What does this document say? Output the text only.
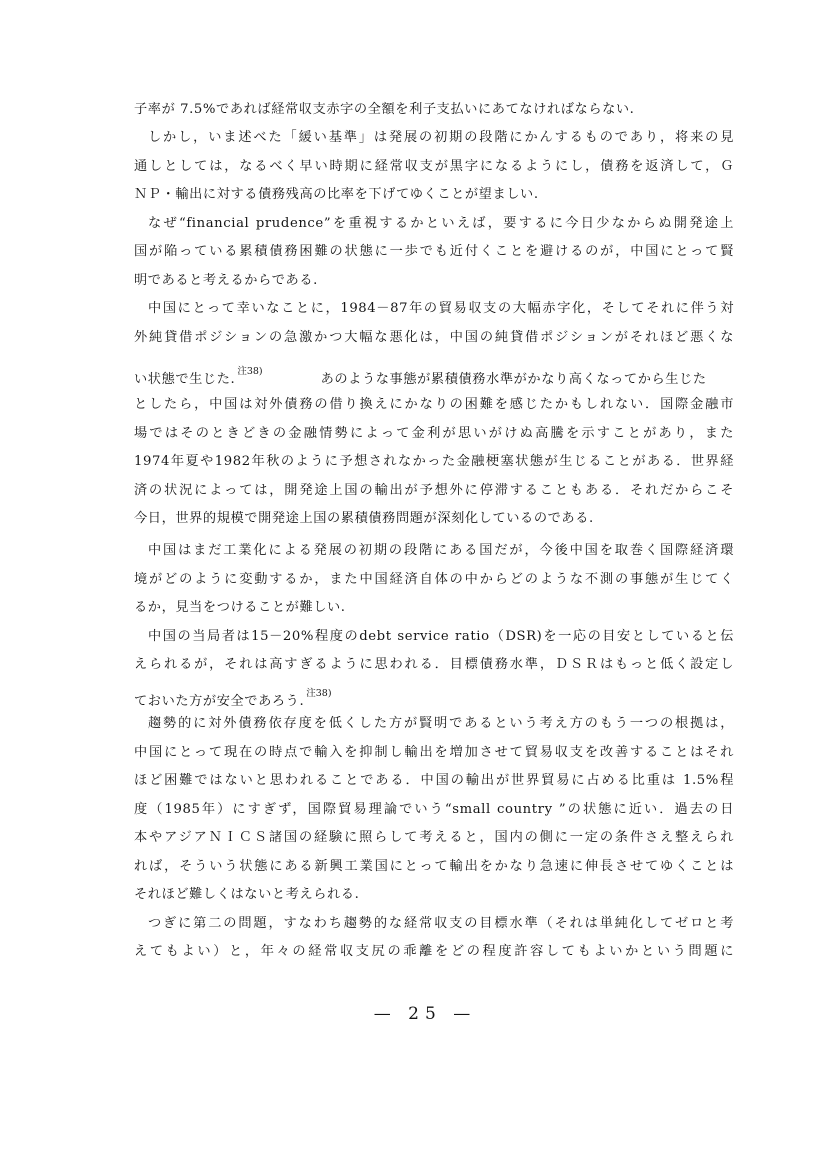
子率が 7.5%であれば経常収支赤字の全額を利子支払いにあてなければならない.
しかし，いま述べた「緩い基準」は発展の初期の段階にかんするものであり，将来の見
通しとしては，なるべく早い時期に経常収支が黒字になるようにし，債務を返済して，Ｇ
ＮＰ・輸出に対する債務残高の比率を下げてゆくことが望ましい.
なぜ“financial prudence”を重視するかといえば，要するに今日少なからぬ開発途上
国が陥っている累積債務困難の状態に一歩でも近付くことを避けるのが，中国にとって賢
明であると考えるからである.
中国にとって幸いなことに，1984－87年の貿易収支の大幅赤字化，そしてそれに伴う対
外純貸借ポジションの急激かつ大幅な悪化は，中国の純貸借ポジションがそれほど悪くな
い状態で生じた.$^{注38)}$あのような事態が累積債務水準がかなり高くなってから生じた
としたら，中国は対外債務の借り換えにかなりの困難を感じたかもしれない．国際金融市
場ではそのときどきの金融情勢によって金利が思いがけぬ高騰を示すことがあり，また
1974年夏や1982年秋のように予想されなかった金融梗塞状態が生じることがある．世界経
済の状況によっては，開発途上国の輸出が予想外に停滞することもある．それだからこそ
今日，世界的規模で開発途上国の累積債務問題が深刻化しているのである.
中国はまだ工業化による発展の初期の段階にある国だが，今後中国を取巻く国際経済環
境がどのように変動するか，また中国経済自体の中からどのような不測の事態が生じてく
るか，見当をつけることが難しい.
中国の当局者は15－20%程度のdebt service ratio（DSR)を一応の目安としていると伝
えられるが，それは高すぎるように思われる．目標債務水準，ＤＳＲはもっと低く設定し
ておいた方が安全であろう.$^{注38)}$
趨勢的に対外債務依存度を低くした方が賢明であるという考え方のもう一つの根拠は，
中国にとって現在の時点で輸入を抑制し輸出を増加させて貿易収支を改善することはそれ
ほど困難ではないと思われることである．中国の輸出が世界貿易に占める比重は 1.5%程
度（1985年）にすぎず，国際貿易理論でいう“small country ”の状態に近い．過去の日
本やアジアＮＩＣＳ諸国の経験に照らして考えると，国内の側に一定の条件さえ整えられ
れば，そういう状態にある新興工業国にとって輸出をかなり急速に伸長させてゆくことは
それほど難しくはないと考えられる.
つぎに第二の問題，すなわち趨勢的な経常収支の目標水準（それは単純化してゼロと考
えてもよい）と，年々の経常収支尻の乖離をどの程度許容してもよいかという問題に
— 25 —
